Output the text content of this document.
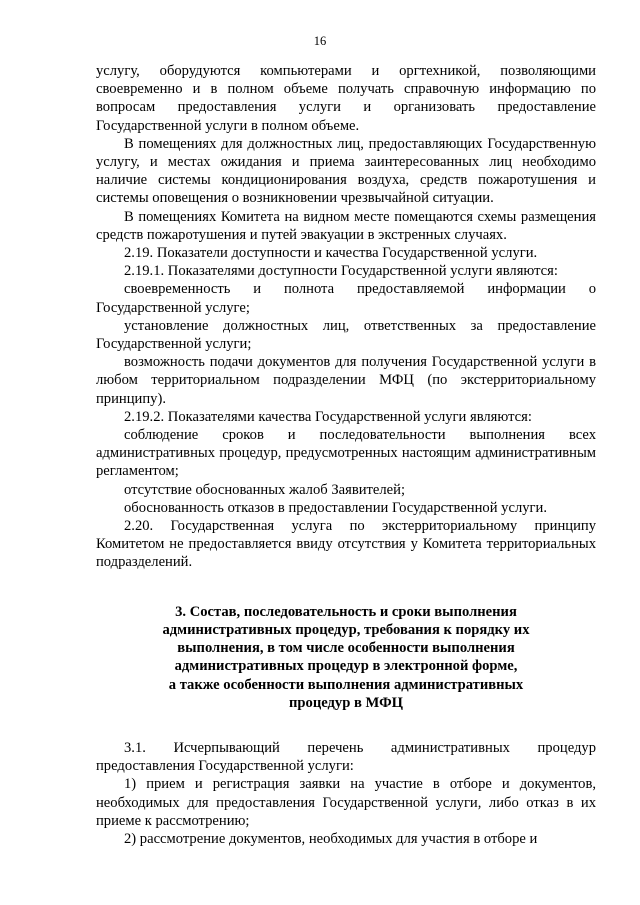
16

услугу, оборудуются компьютерами и оргтехникой, позволяющими своевременно и в полном объеме получать справочную информацию по вопросам предоставления услуги и организовать предоставление Государственной услуги в полном объеме.

В помещениях для должностных лиц, предоставляющих Государственную услугу, и местах ожидания и приема заинтересованных лиц необходимо наличие системы кондиционирования воздуха, средств пожаротушения и системы оповещения о возникновении чрезвычайной ситуации.

В помещениях Комитета на видном месте помещаются схемы размещения средств пожаротушения и путей эвакуации в экстренных случаях.

2.19. Показатели доступности и качества Государственной услуги.

2.19.1. Показателями доступности Государственной услуги являются:

своевременность и полнота предоставляемой информации о Государственной услуге;

установление должностных лиц, ответственных за предоставление Государственной услуги;

возможность подачи документов для получения Государственной услуги в любом территориальном подразделении МФЦ (по экстерриториальному принципу).

2.19.2. Показателями качества Государственной услуги являются:

соблюдение сроков и последовательности выполнения всех административных процедур, предусмотренных настоящим административным регламентом;

отсутствие обоснованных жалоб Заявителей;

обоснованность отказов в предоставлении Государственной услуги.

2.20. Государственная услуга по экстерриториальному принципу Комитетом не предоставляется ввиду отсутствия у Комитета территориальных подразделений.

3. Состав, последовательность и сроки выполнения
административных процедур, требования к порядку их
выполнения, в том числе особенности выполнения
административных процедур в электронной форме,
а также особенности выполнения административных
процедур в МФЦ

3.1. Исчерпывающий перечень административных процедур предоставления Государственной услуги:

1) прием и регистрация заявки на участие в отборе и документов, необходимых для предоставления Государственной услуги, либо отказ в их приеме к рассмотрению;

2) рассмотрение документов, необходимых для участия в отборе и
